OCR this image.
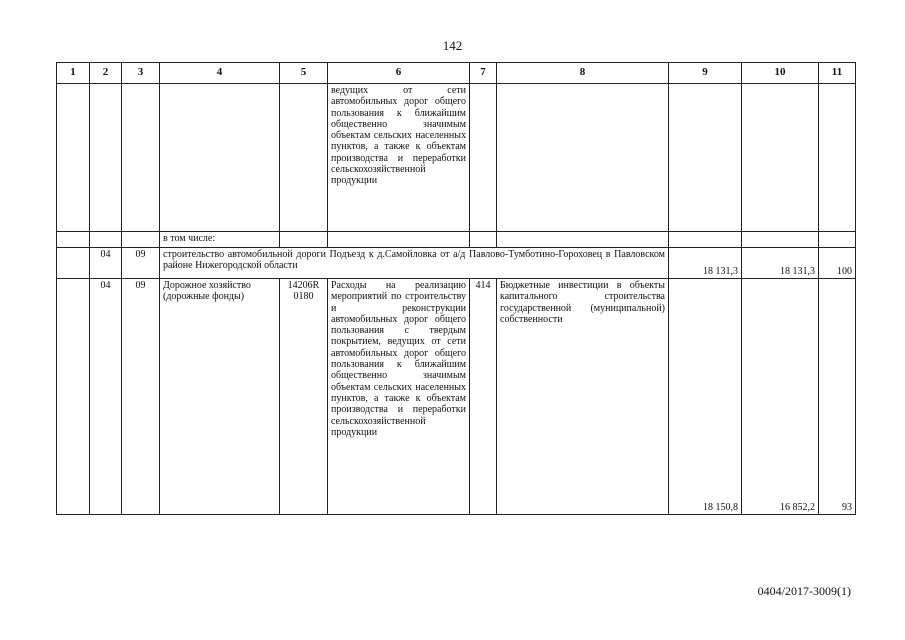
142
1	2	3	4	5	6	7	8	9	10	11
					ведущих от сети автомобильных дорог общего пользования к ближайшим общественно значимым объектам сельских населенных пунктов, а также к объектам производства и переработки сельскохозяйственной продукции					
			в том числе:							
	04	09	строительство автомобильной дороги Подъезд к д.Самойловка от а/д Павлово-Тумботино-Гороховец в Павловском районе Нижегородской области					18 131,3	18 131,3	100
	04	09	Дорожное хозяйство (дорожные фонды)	14206R 0180	Расходы на реализацию мероприятий по строительству и реконструкции автомобильных дорог общего пользования с твердым покрытием, ведущих от сети автомобильных дорог общего пользования к ближайшим общественно значимым объектам сельских населенных пунктов, а также к объектам производства и переработки сельскохозяйственной продукции	414	Бюджетные инвестиции в объекты капитального строительства государственной (муниципальной) собственности	18 150,8	16 852,2	93
0404/2017-3009(1)
